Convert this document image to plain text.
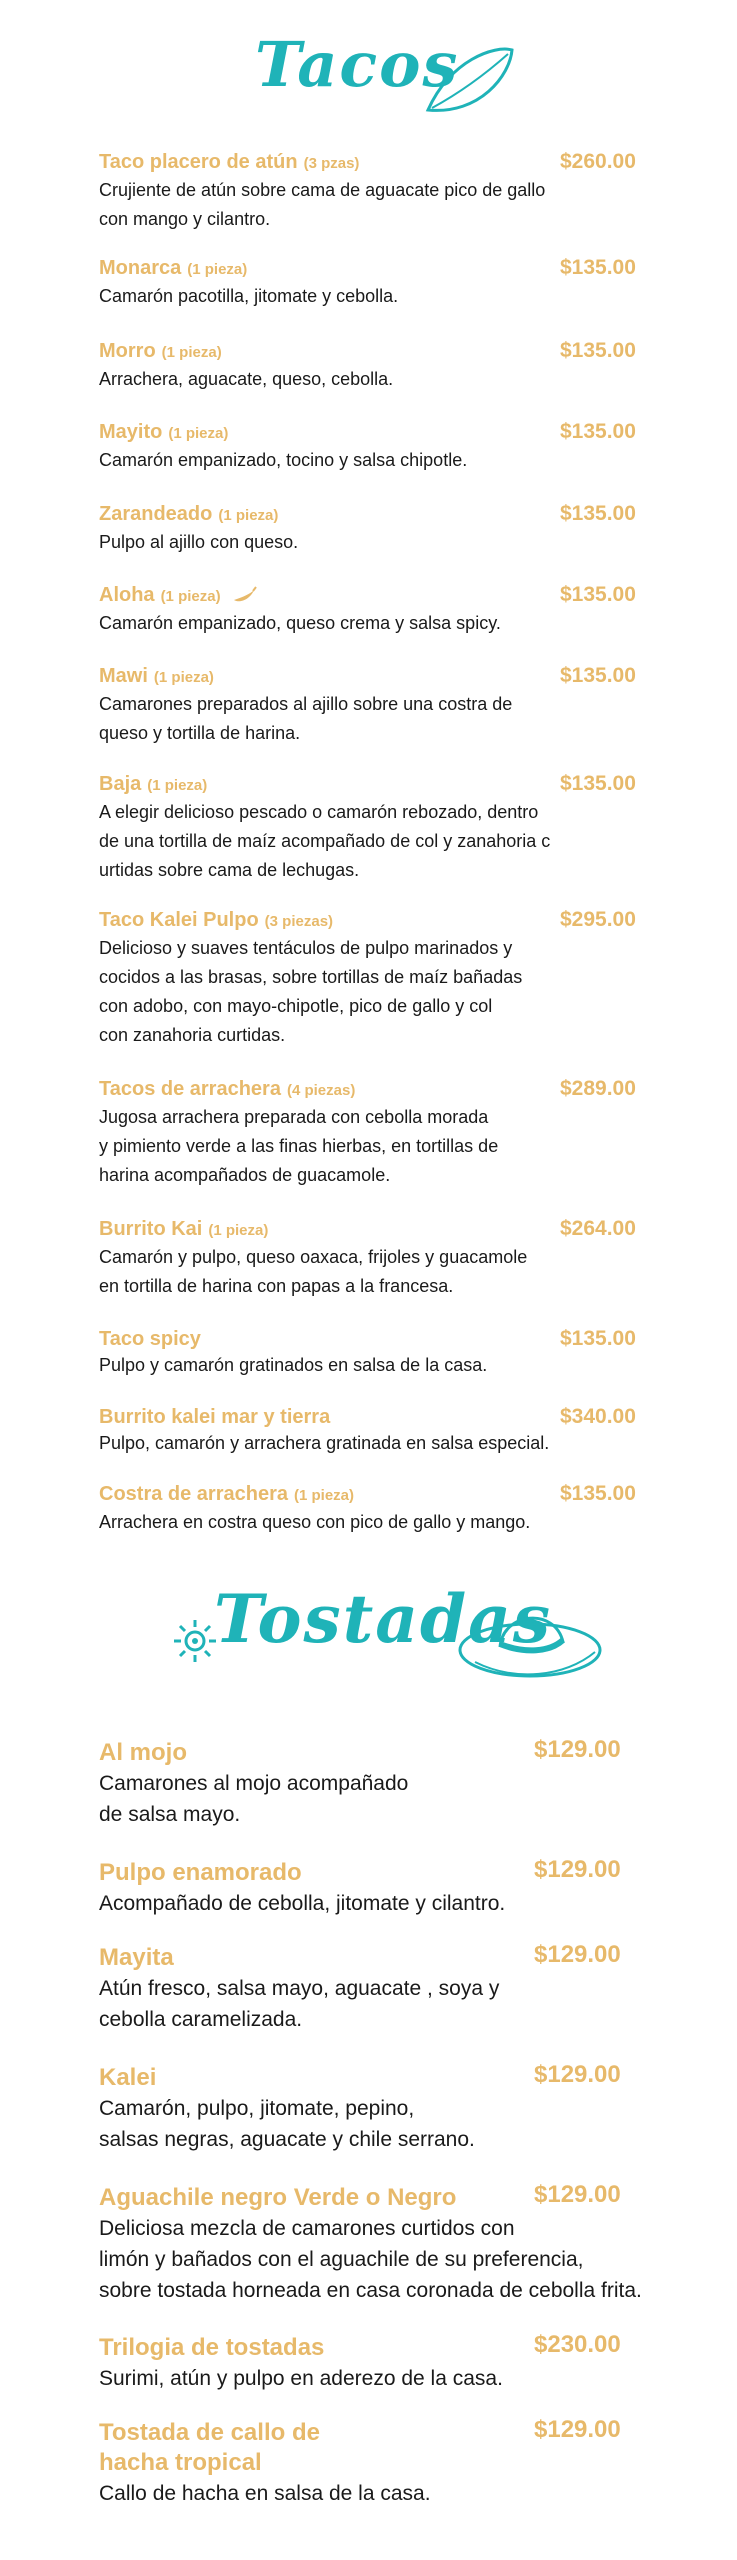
Tacos
Taco placero de atún (3 pzas)
Crujiente de atún sobre cama de aguacate pico de gallo
con mango y cilantro.
$260.00
Monarca (1 pieza)
Camarón pacotilla, jitomate y cebolla.
$135.00
Morro (1 pieza)
Arrachera, aguacate, queso, cebolla.
$135.00
Mayito (1 pieza)
Camarón empanizado, tocino y salsa chipotle.
$135.00
Zarandeado (1 pieza)
Pulpo al ajillo con queso.
$135.00
Aloha (1 pieza)
Camarón empanizado, queso crema y salsa spicy.
$135.00
Mawi (1 pieza)
Camarones preparados al ajillo sobre una costra de
queso y tortilla de harina.
$135.00
Baja (1 pieza)
A elegir delicioso pescado o camarón rebozado, dentro
de una tortilla de maíz acompañado de col y zanahoria c
urtidas sobre cama de lechugas.
$135.00
Taco Kalei Pulpo (3 piezas)
Delicioso y suaves tentáculos de pulpo marinados y
cocidos a las brasas, sobre tortillas de maíz bañadas
con adobo, con mayo-chipotle, pico de gallo y col
con zanahoria curtidas.
$295.00
Tacos de arrachera (4 piezas)
Jugosa arrachera preparada con cebolla morada
y pimiento verde a las finas hierbas, en tortillas de
harina acompañados de guacamole.
$289.00
Burrito Kai (1 pieza)
Camarón y pulpo, queso oaxaca, frijoles y guacamole
en tortilla de harina con papas a la francesa.
$264.00
Taco spicy
Pulpo y camarón gratinados en salsa de la casa.
$135.00
Burrito kalei mar y tierra
Pulpo, camarón y arrachera gratinada en salsa especial.
$340.00
Costra de arrachera (1 pieza)
Arrachera en costra queso con pico de gallo y mango.
$135.00
Tostadas
Al mojo
Camarones al mojo acompañado
de salsa mayo.
$129.00
Pulpo enamorado
Acompañado de cebolla, jitomate y cilantro.
$129.00
Mayita
Atún fresco, salsa mayo, aguacate , soya y
cebolla caramelizada.
$129.00
Kalei
Camarón, pulpo, jitomate, pepino,
salsas negras, aguacate y chile serrano.
$129.00
Aguachile negro Verde o Negro
Deliciosa mezcla de camarones curtidos con
limón y bañados con el aguachile de su preferencia,
sobre tostada horneada en casa coronada de cebolla frita.
$129.00
Trilogia de tostadas
Surimi, atún y pulpo en aderezo de la casa.
$230.00
Tostada de callo de
hacha tropical
Callo de hacha en salsa de la casa.
$129.00
